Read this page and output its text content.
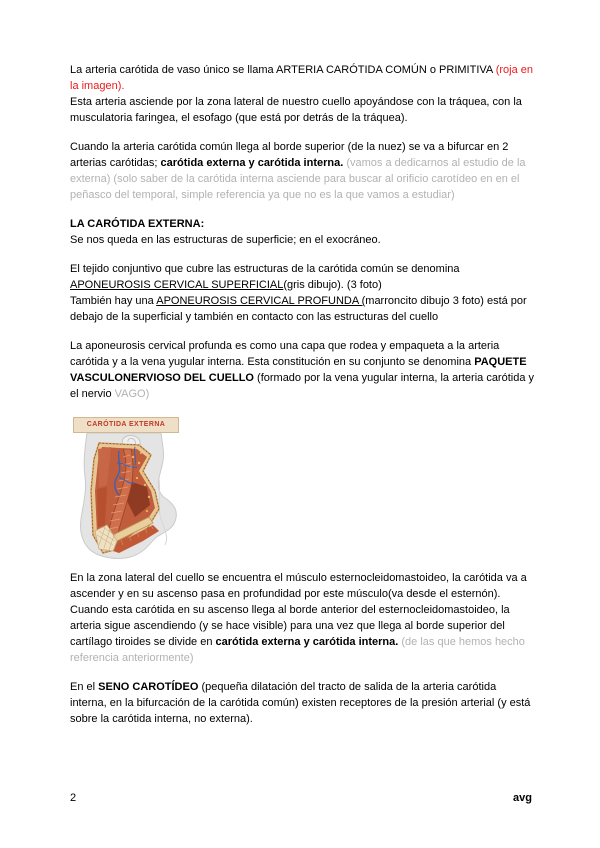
La arteria carótida de vaso único se llama ARTERIA CARÓTIDA COMÚN o PRIMITIVA (roja en la imagen).
Esta arteria asciende por la zona lateral de nuestro cuello apoyándose con la tráquea, con la musculatoria faringea, el esofago (que está por detrás de la tráquea).

Cuando la arteria carótida común llega al borde superior (de la nuez) se va a bifurcar en 2 arterias carótidas; carótida externa y carótida interna. (vamos a dedicarnos al estudio de la externa) (solo saber de la carótida interna asciende para buscar al orificio carotídeo en en el peñasco del temporal, simple referencia ya que no es la que vamos a estudiar)

LA CARÓTIDA EXTERNA:
Se nos queda en las estructuras de superficie; en el exocráneo.

El tejido conjuntivo que cubre las estructuras de la carótida común se denomina APONEUROSIS CERVICAL SUPERFICIAL(gris dibujo). (3 foto)
También hay una APONEUROSIS CERVICAL PROFUNDA (marroncito dibujo 3 foto) está por debajo de la superficial y también en contacto con las estructuras del cuello

La aponeurosis cervical profunda es como una capa que rodea y empaqueta a la arteria carótida y a la vena yugular interna. Esta constitución en su conjunto se denomina PAQUETE VASCULONERVIOSO DEL CUELLO (formado por la vena yugular interna, la arteria carótida y el nervio VAGO)

CARÓTIDA EXTERNA

En la zona lateral del cuello se encuentra el músculo esternocleidomastoideo, la carótida va a ascender y en su ascenso pasa en profundidad por este músculo(va desde el esternón). Cuando esta carótida en su ascenso llega al borde anterior del esternocleidomastoideo, la arteria sigue ascendiendo (y se hace visible) para una vez que llega al borde superior del cartílago tiroides se divide en carótida externa y carótida interna. (de las que hemos hecho referencia anteriormente)

En el SENO CAROTÍDEO (pequeña dilatación del tracto de salida de la arteria carótida interna, en la bifurcación de la carótida común) existen receptores de la presión arterial (y está sobre la carótida interna, no externa).

2	avg
